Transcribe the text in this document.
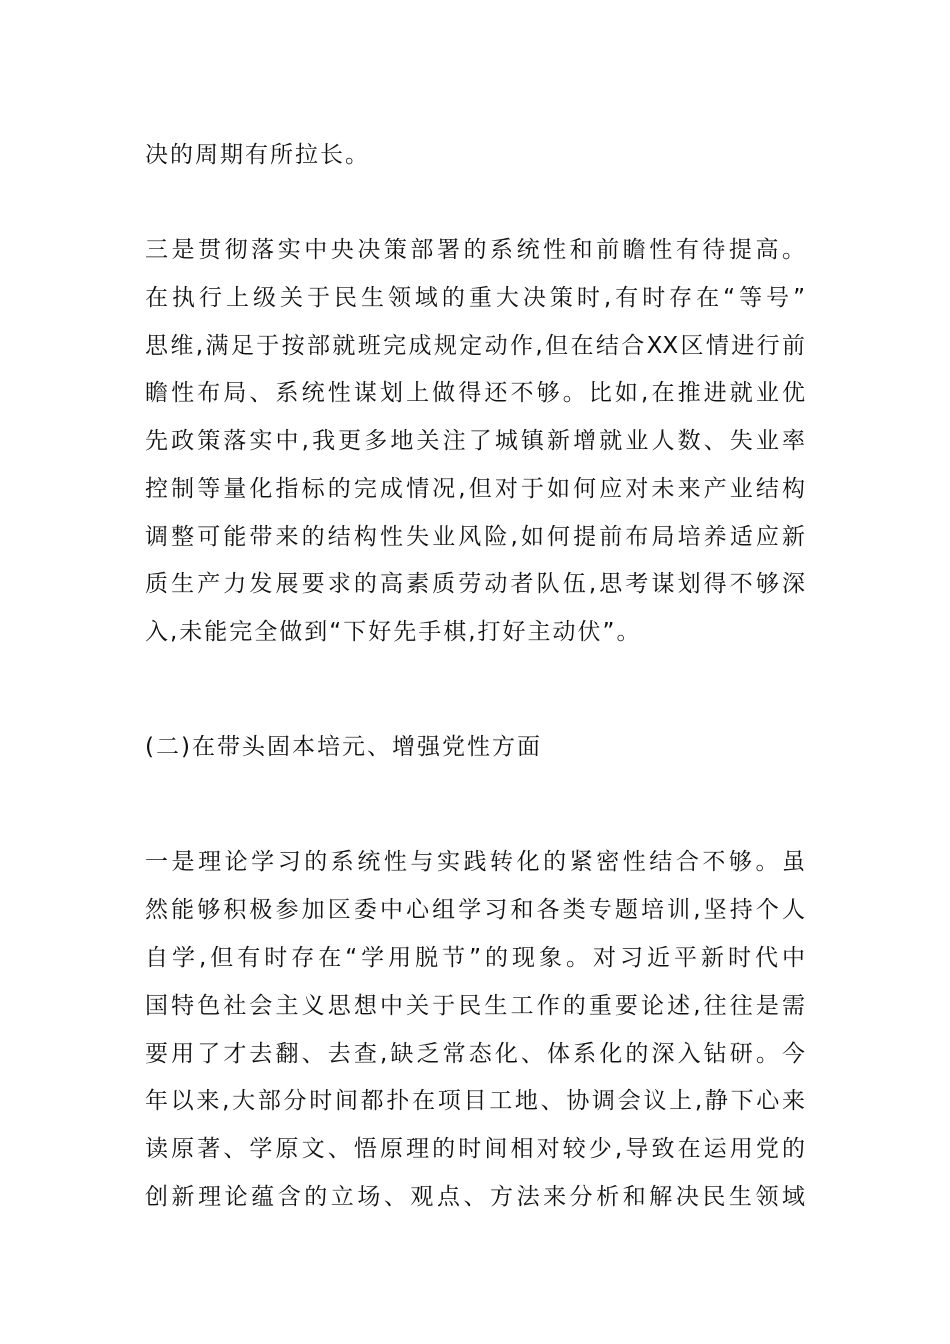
决的周期有所拉长。
三是贯彻落实中央决策部署的系统性和前瞻性有待提高。
在执行上级关于民生领域的重大决策时,有时存在“等号”
思维,满足于按部就班完成规定动作,但在结合XX区情进行前
瞻性布局、系统性谋划上做得还不够。比如,在推进就业优
先政策落实中,我更多地关注了城镇新增就业人数、失业率
控制等量化指标的完成情况,但对于如何应对未来产业结构
调整可能带来的结构性失业风险,如何提前布局培养适应新
质生产力发展要求的高素质劳动者队伍,思考谋划得不够深
入,未能完全做到“下好先手棋,打好主动伏”。
(二)在带头固本培元、增强党性方面
一是理论学习的系统性与实践转化的紧密性结合不够。虽
然能够积极参加区委中心组学习和各类专题培训,坚持个人
自学,但有时存在“学用脱节”的现象。对习近平新时代中
国特色社会主义思想中关于民生工作的重要论述,往往是需
要用了才去翻、去查,缺乏常态化、体系化的深入钻研。今
年以来,大部分时间都扑在项目工地、协调会议上,静下心来
读原著、学原文、悟原理的时间相对较少,导致在运用党的
创新理论蕴含的立场、观点、方法来分析和解决民生领域
